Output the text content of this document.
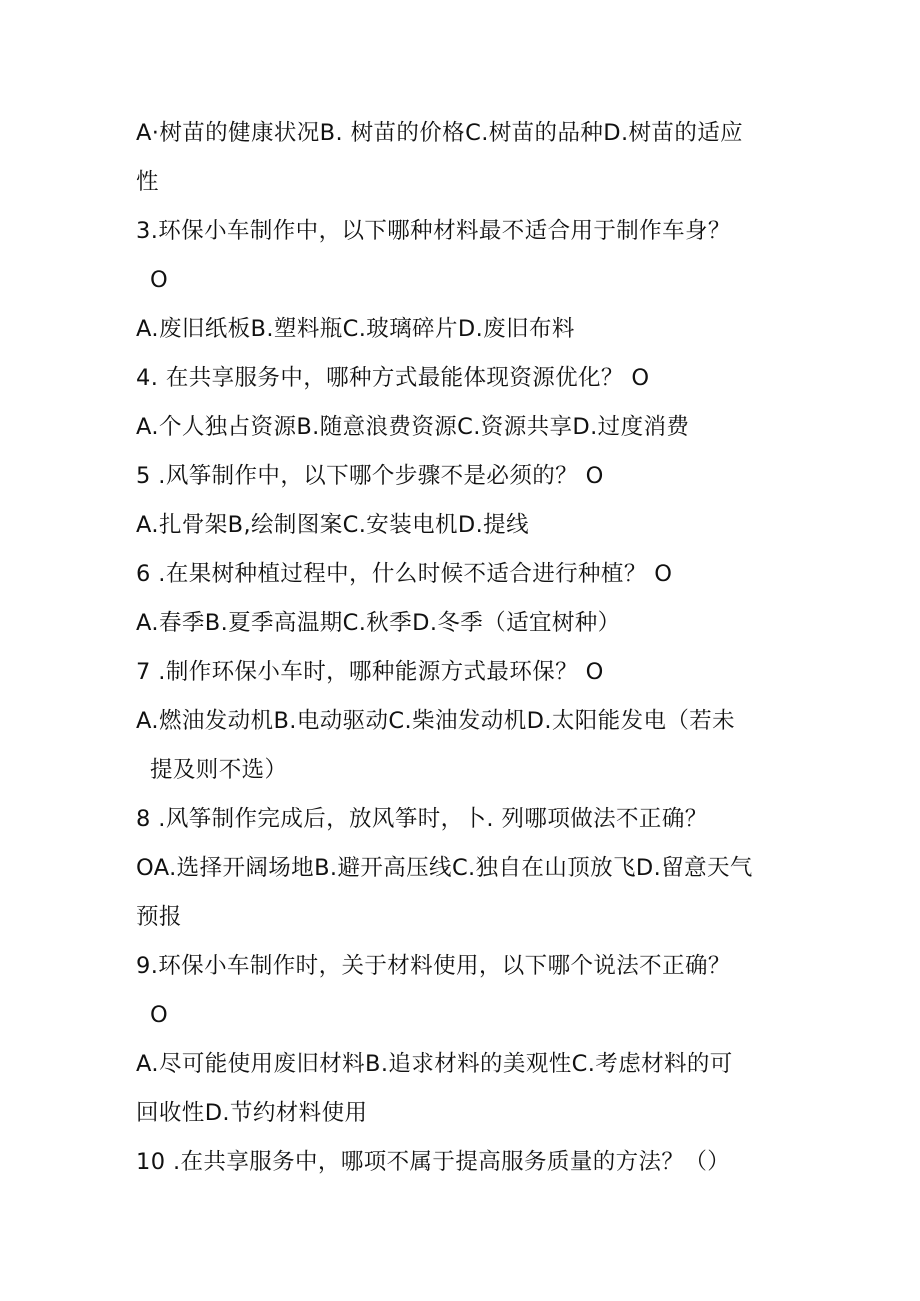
A·树苗的健康状况B. 树苗的价格C.树苗的品种D.树苗的适应
性
3.环保小车制作中，以下哪种材料最不适合用于制作车身？
O
A.废旧纸板B.塑料瓶C.玻璃碎片D.废旧布料
4. 在共享服务中，哪种方式最能体现资源优化？ O
A.个人独占资源B.随意浪费资源C.资源共享D.过度消费
5 .风筝制作中，以下哪个步骤不是必须的？ O
A.扎骨架B,绘制图案C.安装电机D.提线
6 .在果树种植过程中，什么时候不适合进行种植？ O
A.春季B.夏季高温期C.秋季D.冬季（适宜树种）
7 .制作环保小车时，哪种能源方式最环保？ O
A.燃油发动机B.电动驱动C.柴油发动机D.太阳能发电（若未
提及则不选）
8 .风筝制作完成后，放风筝时，卜. 列哪项做法不正确？
OA.选择开阔场地B.避开高压线C.独自在山顶放飞D.留意天气
预报
9.环保小车制作时，关于材料使用，以下哪个说法不正确？
O
A.尽可能使用废旧材料B.追求材料的美观性C.考虑材料的可
回收性D.节约材料使用
10 .在共享服务中，哪项不属于提高服务质量的方法？（）
